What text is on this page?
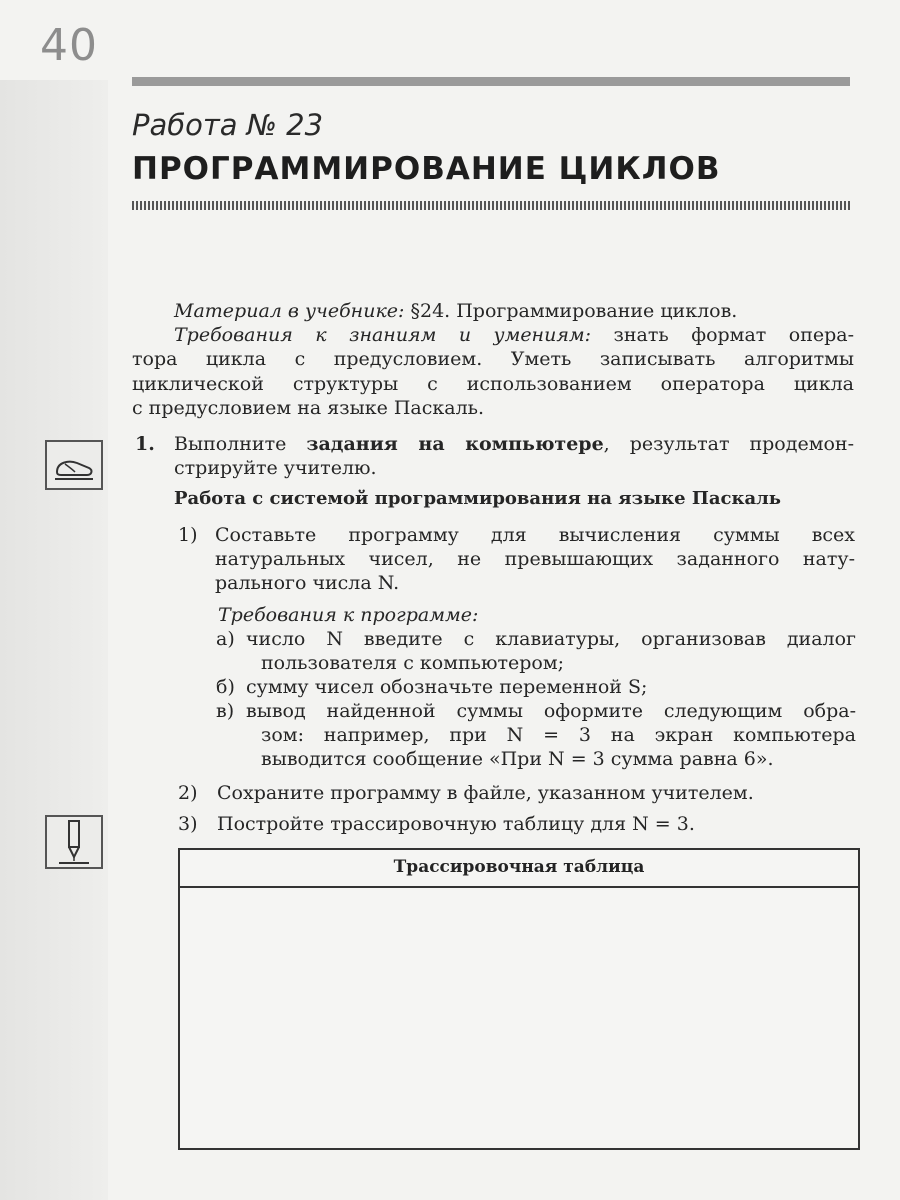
40
Работа № 23
ПРОГРАММИРОВАНИЕ ЦИКЛОВ
Материал в учебнике: §24. Программирование циклов.
Требования к знаниям и умениям: знать формат опера-
тора цикла с предусловием. Уметь записывать алгоритмы
циклической структуры с использованием оператора цикла
с предусловием на языке Паскаль.
1. Выполните задания на компьютере, результат продемон-
стрируйте учителю.
Работа с системой программирования на языке Паскаль
1) Составьте программу для вычисления суммы всех
натуральных чисел, не превышающих заданного нату-
рального числа N.
Требования к программе:
а) число N введите с клавиатуры, организовав диалог
пользователя с компьютером;
б) сумму чисел обозначьте переменной S;
в) вывод найденной суммы оформите следующим обра-
зом: например, при N = 3 на экран компьютера
выводится сообщение «При N = 3 сумма равна 6».
2) Сохраните программу в файле, указанном учителем.
3) Постройте трассировочную таблицу для N = 3.
Трассировочная таблица
